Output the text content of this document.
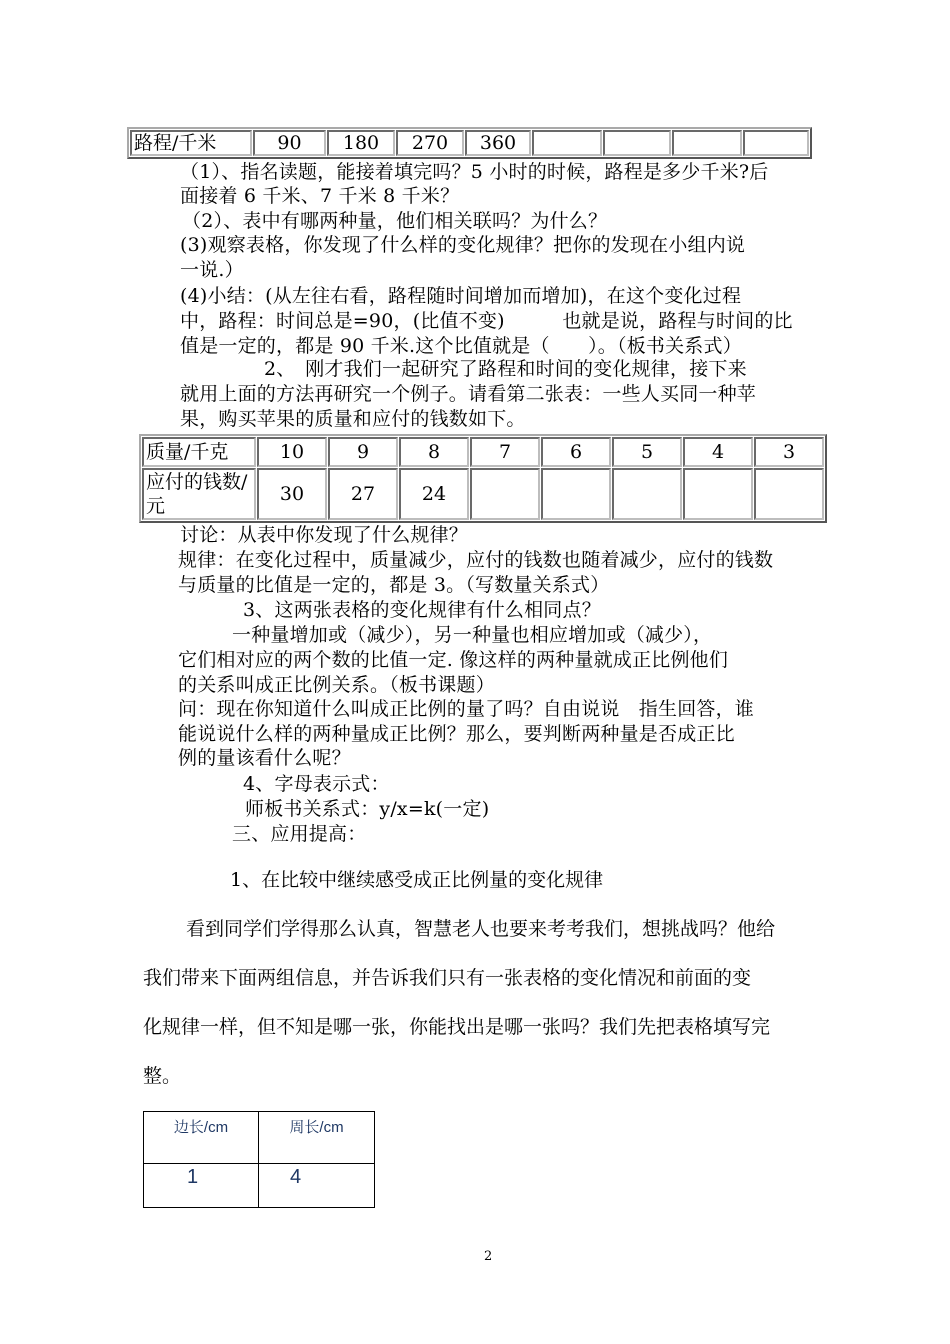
路程/千米	90	180	270	360				
（1）、指名读题，能接着填完吗？5 小时的时候，路程是多少千米?后
面接着 6 千米、7 千米 8 千米？
（2）、表中有哪两种量，他们相关联吗？为什么？
(3)观察表格，你发现了什么样的变化规律？把你的发现在小组内说
一说.）
(4)小结：(从左往右看，路程随时间增加而增加)，在这个变化过程
中，路程：时间总是=90，(比值不变)　　　也就是说，路程与时间的比
值是一定的，都是 90 千米.这个比值就是（　　）。（板书关系式）
2、　刚才我们一起研究了路程和时间的变化规律，接下来
就用上面的方法再研究一个例子。请看第二张表：一些人买同一种苹
果，购买苹果的质量和应付的钱数如下。
质量/千克	10	9	8	7	6	5	4	3
应付的钱数/元	30	27	24					
讨论：从表中你发现了什么规律？
规律：在变化过程中，质量减少，应付的钱数也随着减少，应付的钱数
与质量的比值是一定的，都是 3。（写数量关系式）
3、这两张表格的变化规律有什么相同点？
一种量增加或（减少），另一种量也相应增加或（减少），
它们相对应的两个数的比值一定. 像这样的两种量就成正比例他们
的关系叫成正比例关系。（板书课题）
问：现在你知道什么叫成正比例的量了吗？自由说说　指生回答，谁
能说说什么样的两种量成正比例？那么，要判断两种量是否成正比
例的量该看什么呢？
4、字母表示式：
师板书关系式：y/x=k(一定)
三、应用提高：
1、在比较中继续感受成正比例量的变化规律
看到同学们学得那么认真，智慧老人也要来考考我们，想挑战吗？他给
我们带来下面两组信息，并告诉我们只有一张表格的变化情况和前面的变
化规律一样，但不知是哪一张，你能找出是哪一张吗？我们先把表格填写完
整。
边长/cm	周长/cm
1	4
2
